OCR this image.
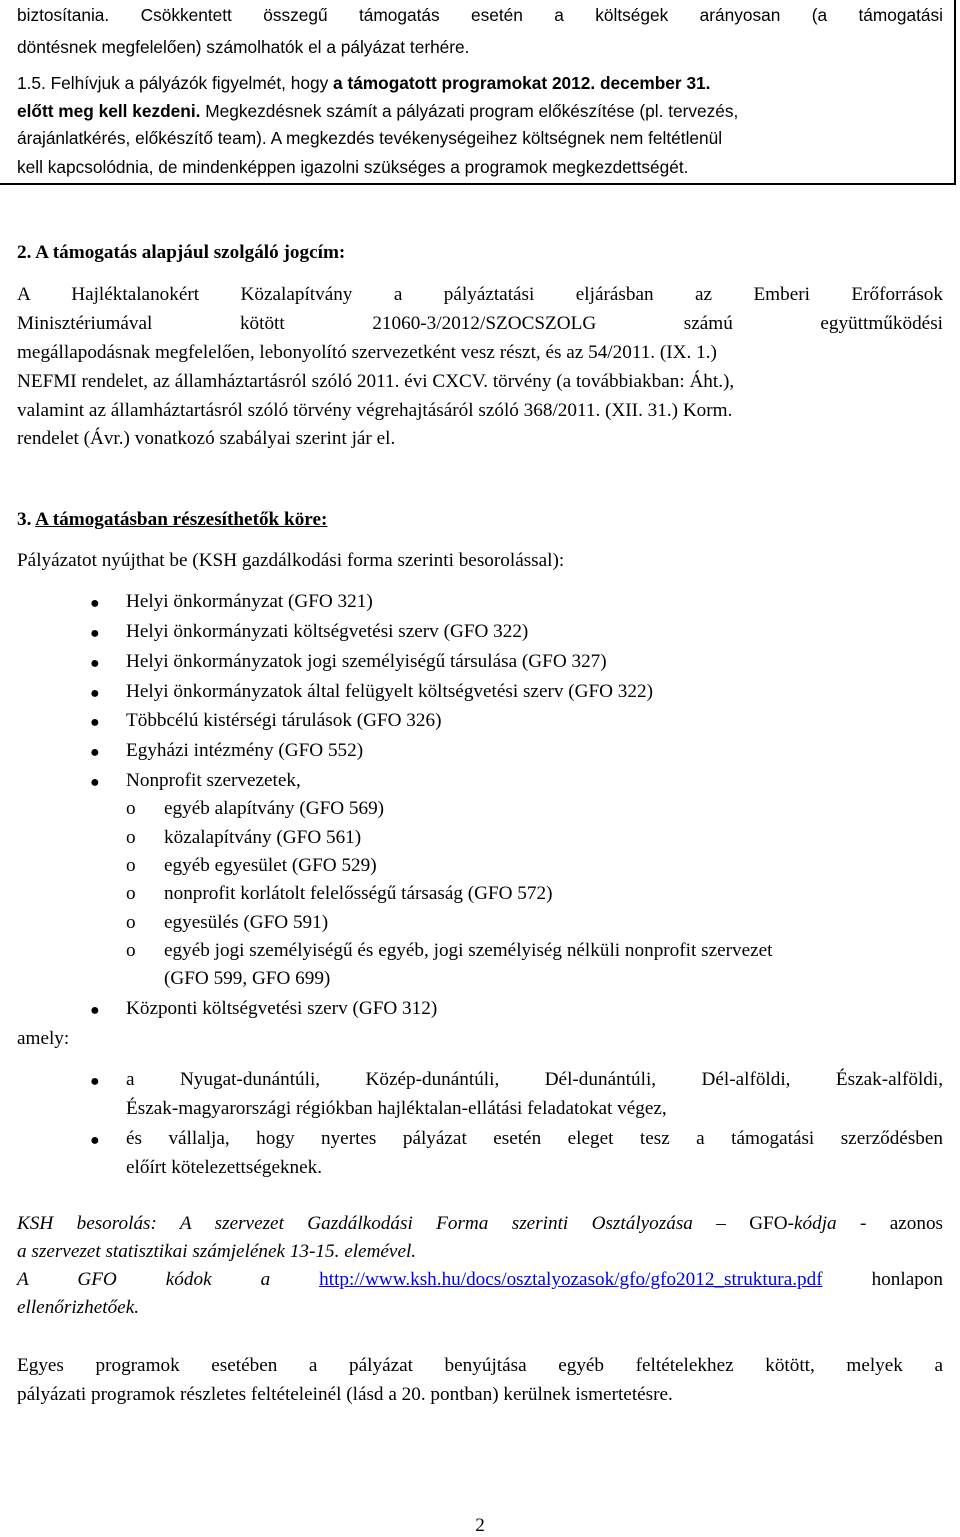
biztosítania. Csökkentett összegű támogatás esetén a költségek arányosan (a támogatási
döntésnek megfelelően) számolhatók el a pályázat terhére.
1.5. Felhívjuk a pályázók figyelmét, hogy a támogatott programokat 2012. december 31.
előtt meg kell kezdeni. Megkezdésnek számít a pályázati program előkészítése (pl. tervezés,
árajánlatkérés, előkészítő team). A megkezdés tevékenységeihez költségnek nem feltétlenül
kell kapcsolódnia, de mindenképpen igazolni szükséges a programok megkezdettségét.
2. A támogatás alapjául szolgáló jogcím:
A Hajléktalanokért Közalapítvány a pályáztatási eljárásban az Emberi Erőforrások
Minisztériumával kötött 21060-3/2012/SZOCSZOLG számú együttműködési
megállapodásnak megfelelően, lebonyolító szervezetként vesz részt, és az 54/2011. (IX. 1.)
NEFMI rendelet, az államháztartásról szóló 2011. évi CXCV. törvény (a továbbiakban: Áht.),
valamint az államháztartásról szóló törvény végrehajtásáról szóló 368/2011. (XII. 31.) Korm.
rendelet (Ávr.) vonatkozó szabályai szerint jár el.
3. A támogatásban részesíthetők köre:
Pályázatot nyújthat be (KSH gazdálkodási forma szerinti besorolással):
● Helyi önkormányzat (GFO 321)
● Helyi önkormányzati költségvetési szerv (GFO 322)
● Helyi önkormányzatok jogi személyiségű társulása (GFO 327)
● Helyi önkormányzatok által felügyelt költségvetési szerv (GFO 322)
● Többcélú kistérségi tárulások (GFO 326)
● Egyházi intézmény (GFO 552)
● Nonprofit szervezetek,
o egyéb alapítvány (GFO 569)
o közalapítvány (GFO 561)
o egyéb egyesület (GFO 529)
o nonprofit korlátolt felelősségű társaság (GFO 572)
o egyesülés (GFO 591)
o egyéb jogi személyiségű és egyéb, jogi személyiség nélküli nonprofit szervezet
(GFO 599, GFO 699)
● Központi költségvetési szerv (GFO 312)
amely:
● a Nyugat-dunántúli, Közép-dunántúli, Dél-dunántúli, Dél-alföldi, Észak-alföldi,
Észak-magyarországi régiókban hajléktalan-ellátási feladatokat végez,
● és vállalja, hogy nyertes pályázat esetén eleget tesz a támogatási szerződésben
előírt kötelezettségeknek.
KSH besorolás: A szervezet Gazdálkodási Forma szerinti Osztályozása – GFO-kódja - azonos
a szervezet statisztikai számjelének 13-15. elemével.
A GFO kódok a http://www.ksh.hu/docs/osztalyozasok/gfo/gfo2012_struktura.pdf honlapon
ellenőrizhetőek.
Egyes programok esetében a pályázat benyújtása egyéb feltételekhez kötött, melyek a
pályázati programok részletes feltételeinél (lásd a 20. pontban) kerülnek ismertetésre.
2
